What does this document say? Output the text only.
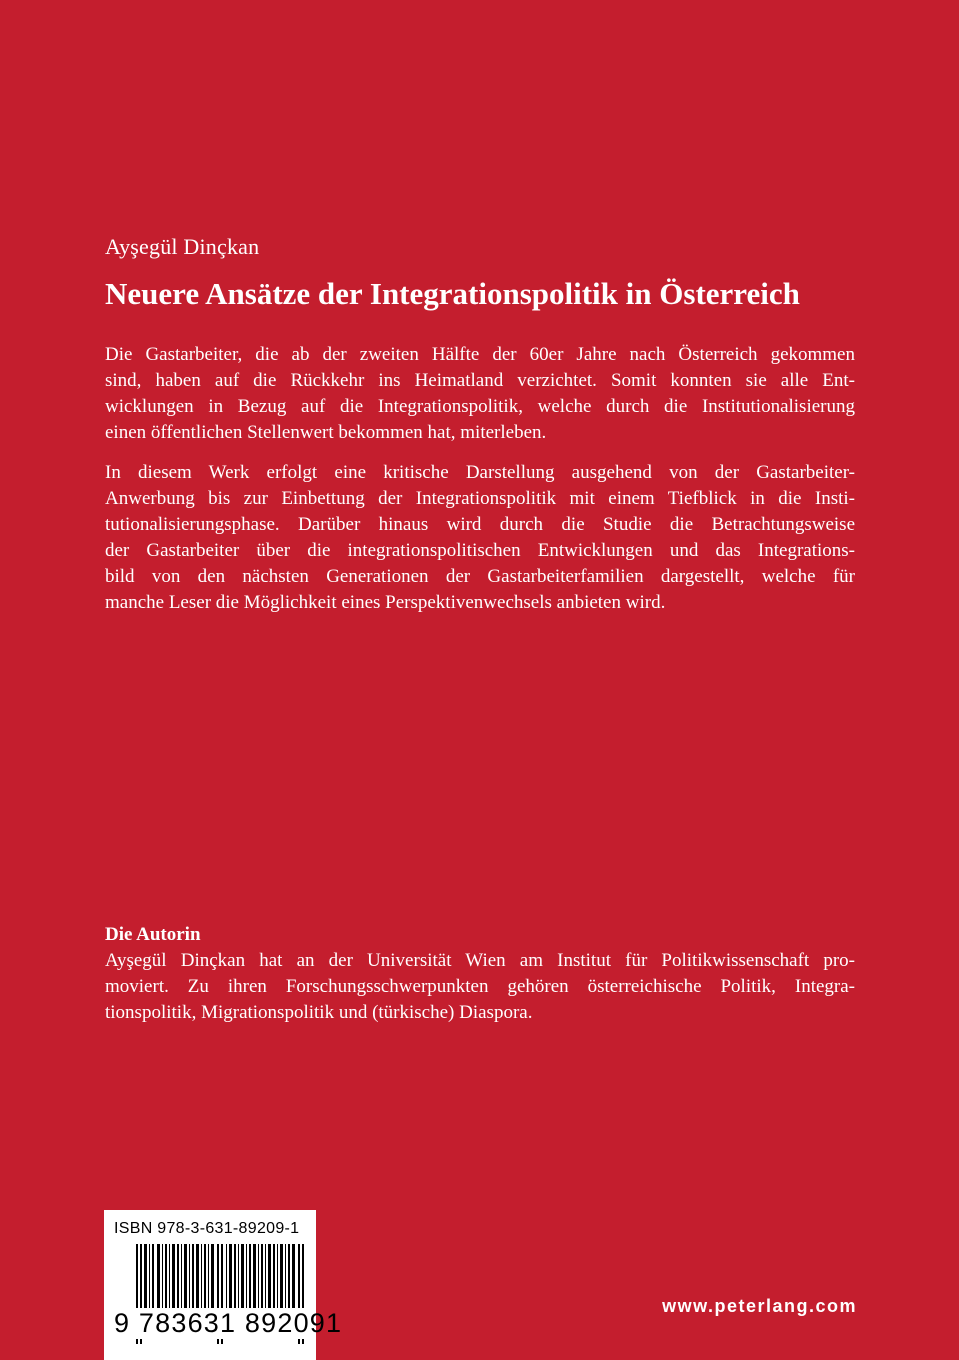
Ayşegül Dinçkan
Neuere Ansätze der Integrationspolitik in Österreich
Die Gastarbeiter, die ab der zweiten Hälfte der 60er Jahre nach Österreich gekommen
sind, haben auf die Rückkehr ins Heimatland verzichtet. Somit konnten sie alle Ent-
wicklungen in Bezug auf die Integrationspolitik, welche durch die Institutionalisierung
einen öffentlichen Stellenwert bekommen hat, miterleben.
In diesem Werk erfolgt eine kritische Darstellung ausgehend von der Gastarbeiter-
Anwerbung bis zur Einbettung der Integrationspolitik mit einem Tiefblick in die Insti-
tutionalisierungsphase. Darüber hinaus wird durch die Studie die Betrachtungsweise
der Gastarbeiter über die integrationspolitischen Entwicklungen und das Integrations-
bild von den nächsten Generationen der Gastarbeiterfamilien dargestellt, welche für
manche Leser die Möglichkeit eines Perspektivenwechsels anbieten wird.
Die Autorin
Ayşegül Dinçkan hat an der Universität Wien am Institut für Politikwissenschaft pro-
moviert. Zu ihren Forschungsschwerpunkten gehören österreichische Politik, Integra-
tionspolitik, Migrationspolitik und (türkische) Diaspora.
ISBN 978-3-631-89209-1
9 783631 892091
www.peterlang.com
